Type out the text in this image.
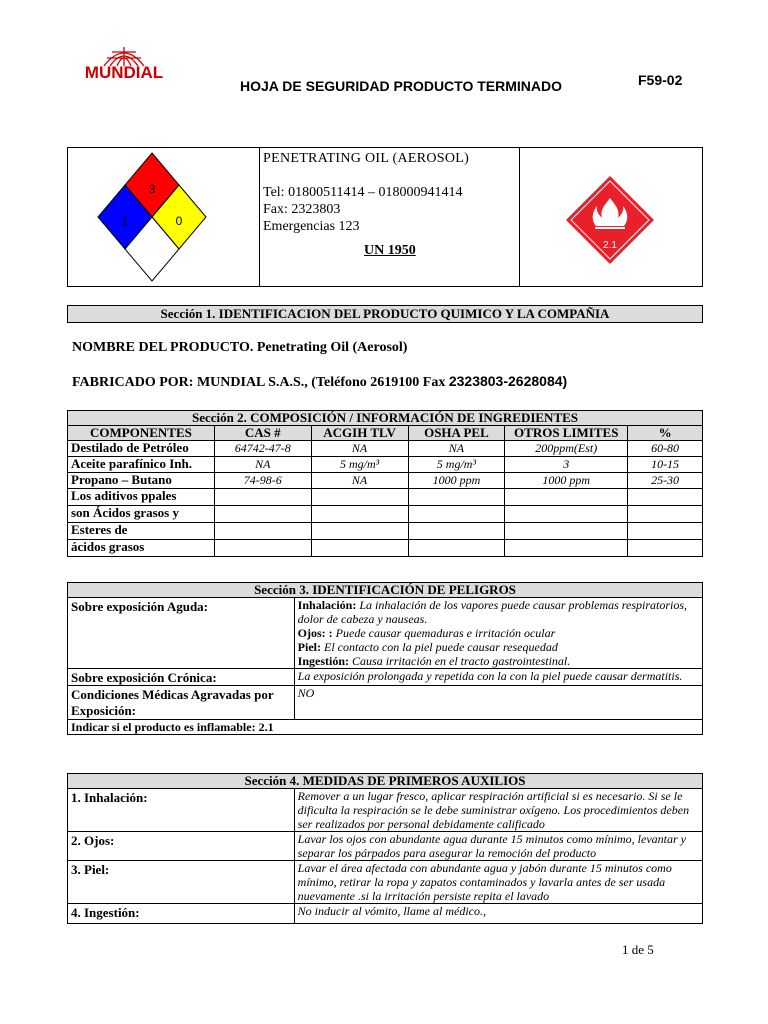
MUNDIAL
HOJA DE SEGURIDAD PRODUCTO TERMINADO	F59-02
3
1	0
PENETRATING OIL (AEROSOL)
Tel: 01800511414 – 018000941414
Fax: 2323803
Emergencias 123
UN 1950	2.1
Sección 1. IDENTIFICACION DEL PRODUCTO QUIMICO Y LA COMPAÑIA
NOMBRE DEL PRODUCTO. Penetrating Oil (Aerosol)
FABRICADO POR: MUNDIAL S.A.S., (Teléfono 2619100 Fax 2323803-2628084)
Sección 2. COMPOSICIÓN / INFORMACIÓN DE INGREDIENTES					
COMPONENTES	CAS #	ACGIH TLV	OSHA PEL	OTROS LIMITES	%
Destilado de Petróleo	64742-47-8	NA	NA	200ppm(Est)	60-80
Aceite parafínico Inh.	NA	5 mg/m³	5 mg/m³	3	10-15
Propano – Butano	74-98-6	NA	1000 ppm	1000 ppm	25-30
Los aditivos ppales					
son Ácidos grasos y					
Esteres de					
ácidos grasos					
Sección 3. IDENTIFICACIÓN DE PELIGROS	
Sobre exposición Aguda:	Inhalación: La inhalación de los vapores puede causar problemas respiratorios, dolor de cabeza y nauseas.
Ojos: : Puede causar quemaduras e irritación ocular
Piel: El contacto con la piel puede causar resequedad
Ingestión: Causa irritación en el tracto gastrointestinal.

Sobre exposición Crónica:	La exposición prolongada y repetida con la con la piel puede causar dermatitis.
Condiciones Médicas Agravadas por Exposición:	NO
Indicar si el producto es inflamable: 2.1	
Sección 4. MEDIDAS DE PRIMEROS AUXILIOS	
1. Inhalación:	Remover a un lugar fresco, aplicar respiración artificial si es necesario. Si se le dificulta la respiración se le debe suministrar oxígeno. Los procedimientos deben ser realizados por personal debidamente calificado
2. Ojos:	Lavar los ojos con abundante agua durante 15 minutos como mínimo, levantar y separar los párpados para asegurar la remoción del producto
3. Piel:	Lavar el área afectada con abundante agua y jabón durante 15 minutos como mínimo, retirar la ropa y zapatos contaminados y lavarla antes de ser usada nuevamente .si la irritación persiste repita el lavado
4. Ingestión:	No inducir al vómito, llame al médico.,
1 de 5
